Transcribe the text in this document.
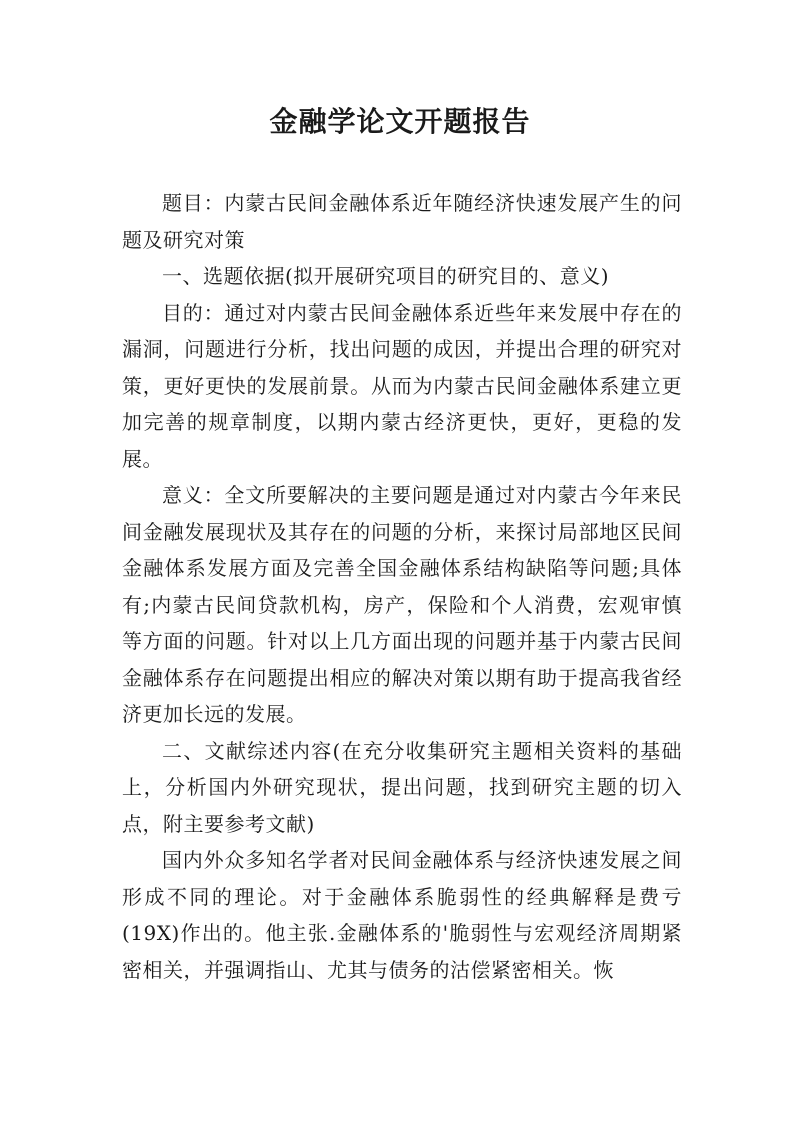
金融学论文开题报告

题目：内蒙古民间金融体系近年随经济快速发展产生的问题及研究对策

一、选题依据(拟开展研究项目的研究目的、意义)

目的：通过对内蒙古民间金融体系近些年来发展中存在的漏洞，问题进行分析，找出问题的成因，并提出合理的研究对策，更好更快的发展前景。从而为内蒙古民间金融体系建立更加完善的规章制度，以期内蒙古经济更快，更好，更稳的发展。

意义：全文所要解决的主要问题是通过对内蒙古今年来民间金融发展现状及其存在的问题的分析，来探讨局部地区民间金融体系发展方面及完善全国金融体系结构缺陷等问题;具体有;内蒙古民间贷款机构，房产，保险和个人消费，宏观审慎等方面的问题。针对以上几方面出现的问题并基于内蒙古民间金融体系存在问题提出相应的解决对策以期有助于提高我省经济更加长远的发展。

二、文献综述内容(在充分收集研究主题相关资料的基础上，分析国内外研究现状，提出问题，找到研究主题的切入点，附主要参考文献)

国内外众多知名学者对民间金融体系与经济快速发展之间形成不同的理论。对于金融体系脆弱性的经典解释是费亏(19X)作出的。他主张.金融体系的'脆弱性与宏观经济周期紧密相关，并强调指山、尤其与债务的沽偿紧密相关。恢
